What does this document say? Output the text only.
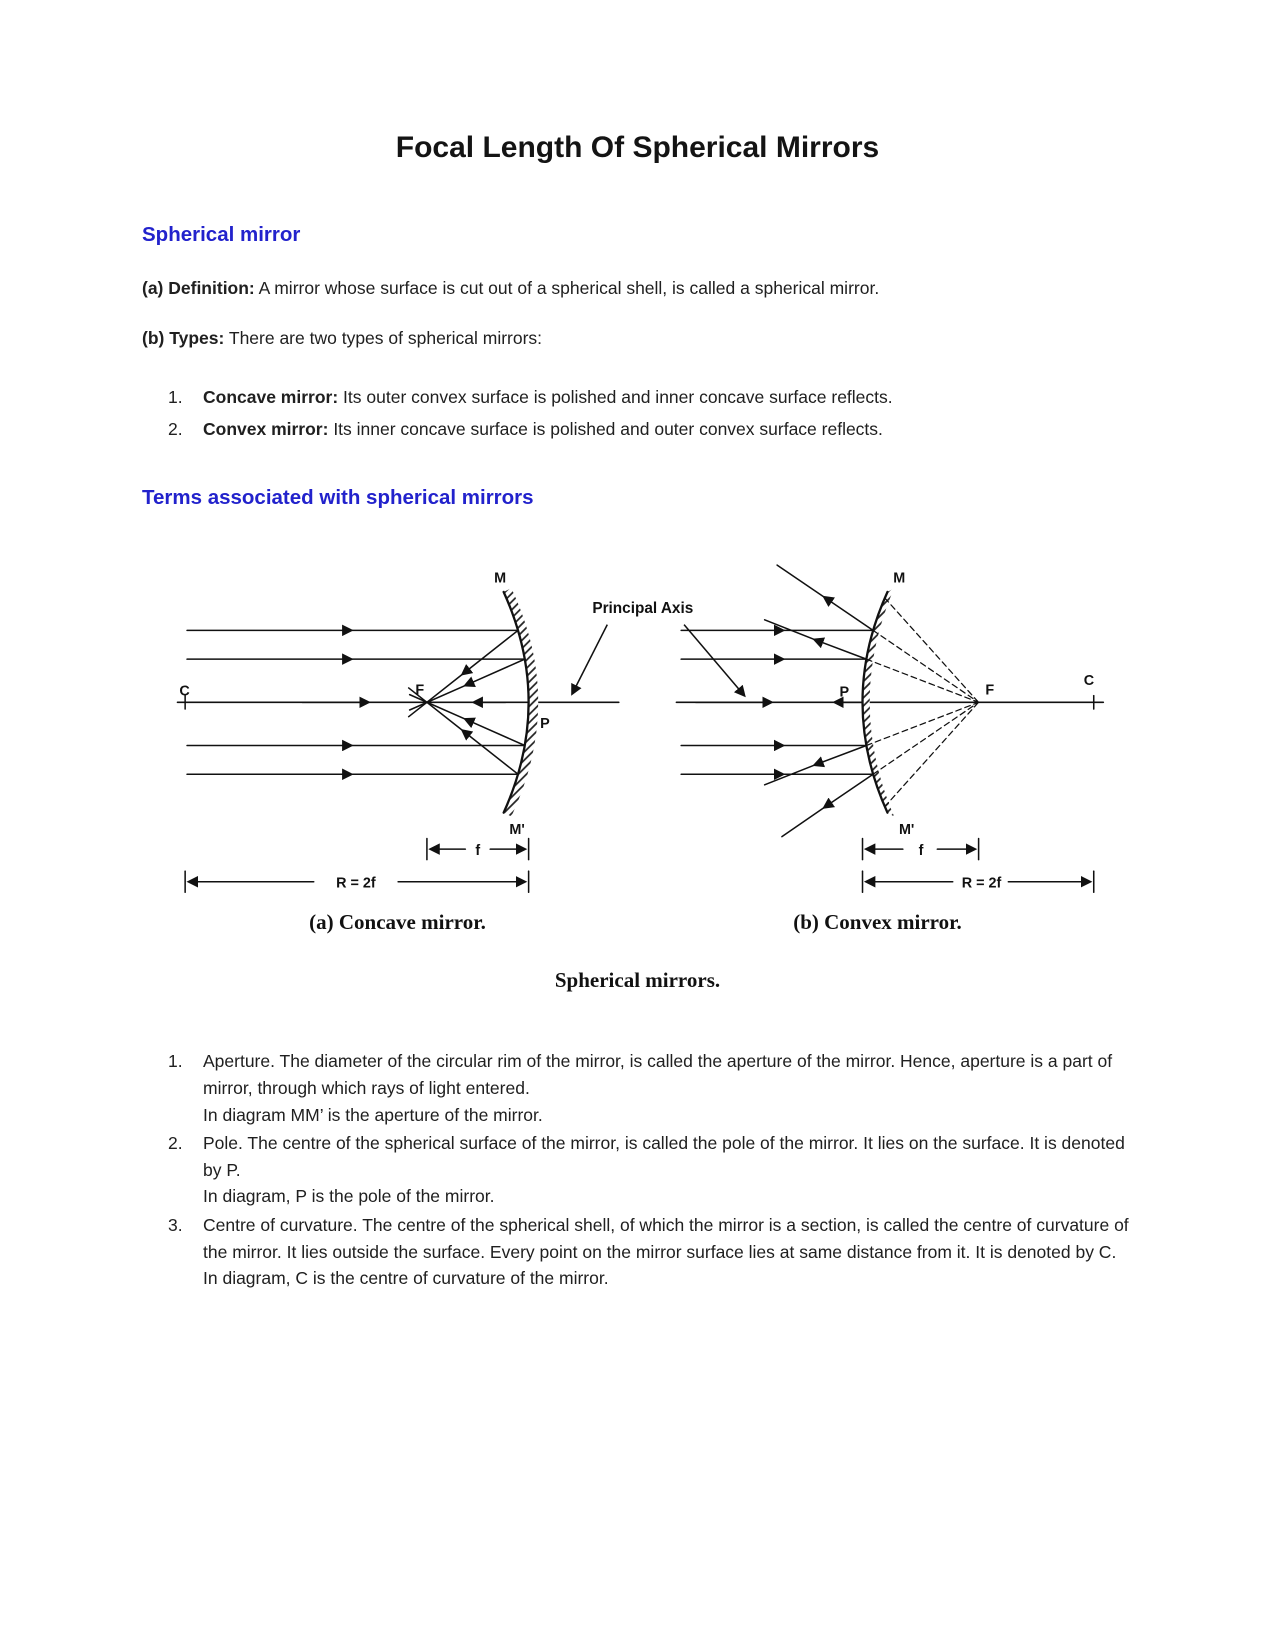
Focal Length Of Spherical Mirrors
Spherical mirror

(a) Definition: A mirror whose surface is cut out of a spherical shell, is called a spherical mirror.

(b) Types: There are two types of spherical mirrors:

1.	Concave mirror: Its outer convex surface is polished and inner concave surface reflects.
2.	Convex mirror: Its inner concave surface is polished and outer convex surface reflects.
Terms associated with spherical mirrors
C	F
P
M
M'
f
R = 2f
Principal Axis
C
F
P
M
M'
f
R = 2f
(a) Concave mirror.	(b) Convex mirror.
Spherical mirrors.
1.	Aperture. The diameter of the circular rim of the mirror, is called the aperture of the mirror. Hence, aperture is a part of mirror, through which rays of light entered.
In diagram MM’ is the aperture of the mirror.
2.	Pole. The centre of the spherical surface of the mirror, is called the pole of the mirror. It lies on the surface. It is denoted by P.
In diagram, P is the pole of the mirror.
3.	Centre of curvature. The centre of the spherical shell, of which the mirror is a section, is called the centre of curvature of the mirror. It lies outside the surface. Every point on the mirror surface lies at same distance from it. It is denoted by C.
In diagram, C is the centre of curvature of the mirror.
